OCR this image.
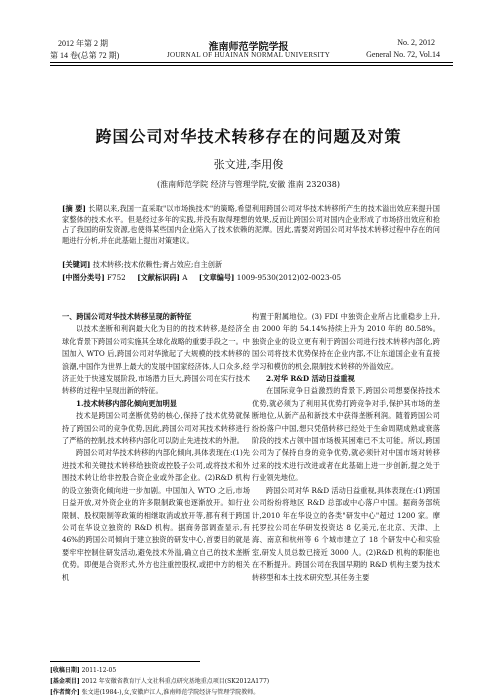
2012 年第 2 期
第 14 卷(总第 72 期)
淮南师范学院学报
JOURNAL OF HUAINAN NORMAL UNIVERSITY
No. 2, 2012
General No. 72, Vol.14
跨国公司对华技术转移存在的问题及对策
张文进,李用俊
(淮南师范学院 经济与管理学院,安徽 淮南 232038)
[摘 要] 长期以来,我国一直采取"以市场换技术"的策略,希望利用跨国公司对华技术转移所产生的技术溢出效应来提升国家整体的技术水平。但是经过多年的实践,并没有取得理想的效果,反而让跨国公司对国内企业形成了市场挤出效应和抢占了我国的研发资源,也使得某些国内企业陷入了技术依赖的泥潭。因此,需要对跨国公司对华技术转移过程中存在的问题进行分析,并在此基础上提出对策建议。
[关键词] 技术转移;技术依赖性;膏占效应;自主创新
[中图分类号] F752 [文献标识码] A [文章编号] 1009-9530(2012)02-0023-05

一、跨国公司对华技术转移呈现的新特征

以技术垄断和利润最大化为目的的技术转移,是经济全球化背景下跨国公司实施其全球化战略的重要手段之一。中国加入 WTO 后,跨国公司对华掀起了大规模的技术转移的浪潮,中国作为世界上最大的发展中国家经济体,人口众多,经济正处于快速发展阶段,市场潜力巨大,跨国公司在实行技术转移的过程中呈现出新的特征。

1.技术转移内部化倾向更加明显

技术是跨国公司垄断优势的核心,保持了技术优势就保持了跨国公司的竞争优势,因此,跨国公司对其技术转移进行了严格的控制,技术转移内部化可以防止先进技术的外泄。

跨国公司对华技术转移的内部化倾向,具体表现在:(1)先进技术和关键技术转移给独资或控股子公司,或将技术和外围技术转让给非控股合资企业或外部企业。(2)R&D 机构的设立独资化倾向进一步加剧。中国加入 WTO 之后,市场日益开放,对外资企业的许多限制政策也逐渐放开。如行业限制、股权限制等政策的相继取消或放开等,都有利于跨国公司在华设立独资的 R&D 机构。据商务部调查显示,有 46%的跨国公司倾向于建立独资的研发中心,首要目的就是要牢牢控制住研发活动,避免技术外溢,确立自己的技术垄断优势。即便是合资形式,外方也注重控股权,或把中方的相关机

构置于附属地位。(3) FDI 中独资企业所占比重稳步上升,由 2000 年的 54.14%持续上升为 2010 年的 80.58%。独资企业的设立更有利于跨国公司进行技术转移内部化,跨国公司将技术优势保持在企业内部,不让东道国企业有直接学习和模仿的机会,限制技术转移的外溢效应。

2.对华 R&D 活动日益重视

在国际竞争日益激烈的背景下,跨国公司想要保持技术优势,就必须为了利用其优势打跨竞争对手,保护其市场的垄断地位,从新产品和新技术中获得垄断利润。随着跨国公司纷纷落户中国,想只凭借转移已经处于生命周期成熟或衰落阶段的技术占领中国市场极其困难已不太可能。所以,跨国公司为了保持自身的竞争优势,就必须针对中国市场对转移过来的技术进行改进或者在此基础上进一步创新,提之处于行业领先地位。

跨国公司对华 R&D 活动日益重视,具体表现在:(1)跨国公司纷纷将地区 R&D 总部或中心落户中国。据商务部统计,2010 年在华设立的各类"研发中心"超过 1200 家。摩托罗拉公司在华研发投资达 8 亿美元,在北京、天津、上海、南京和杭州等 6 个城市建立了 18 个研发中心和实验室,研发人员总数已接近 3000 人。(2)R&D 机构的职能也在不断提升。跨国公司在我国早期的 R&D 机构主要为技术转移型和本土技术研究型,其任务主要

[收稿日期] 2011-12-05
[基金项目] 2012 年安徽省教育厅人文社科重点研究基地重点项目(SK2012A177)
[作者简介] 张文进(1984-),女,安徽庐江人,淮南师范学院经济与管理学院教师。
